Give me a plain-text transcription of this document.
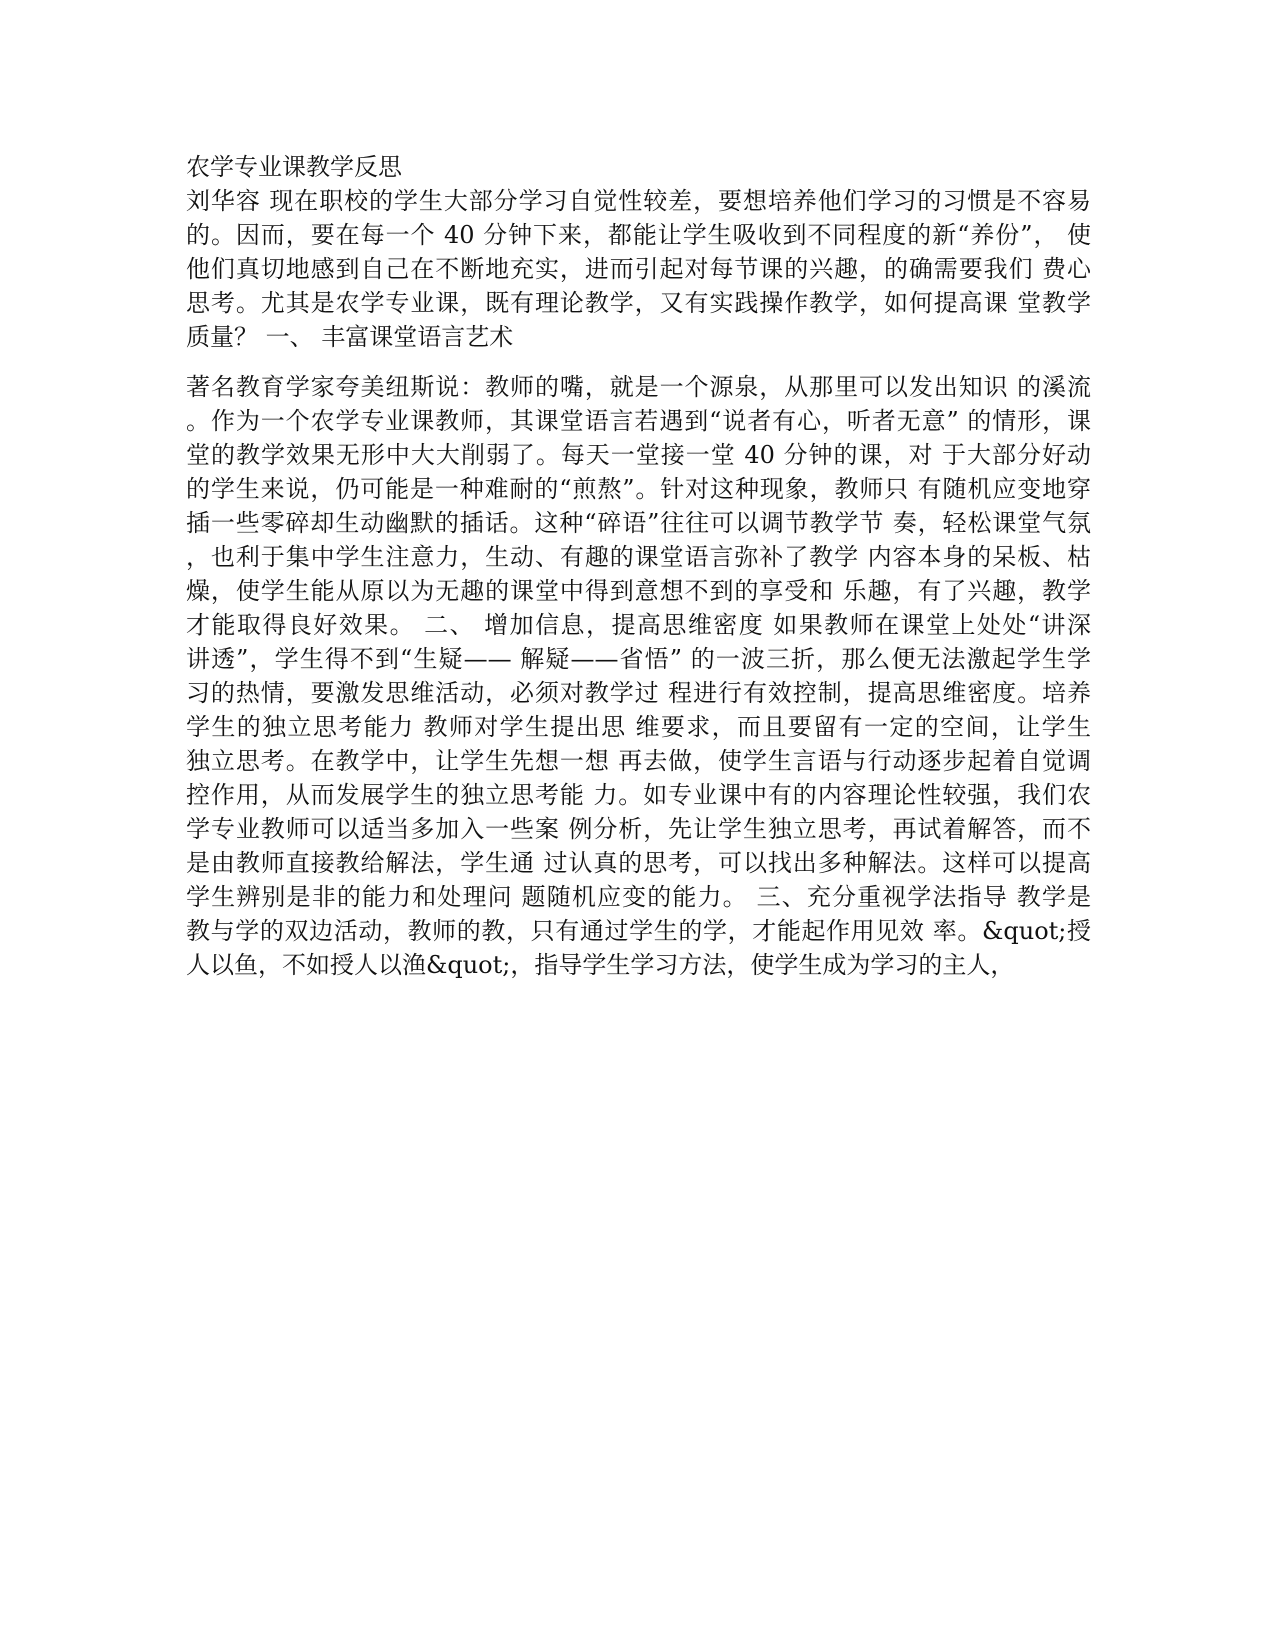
农学专业课教学反思
刘华容 现在职校的学生大部分学习自觉性较差，要想培养他们学习的习惯是不容易
的。因而，要在每一个 40 分钟下来，都能让学生吸收到不同程度的新“养份”， 使
他们真切地感到自己在不断地充实，进而引起对每节课的兴趣，的确需要我们 费心
思考。尤其是农学专业课，既有理论教学，又有实践操作教学，如何提高课 堂教学
质量？ 一、 丰富课堂语言艺术
著名教育学家夸美纽斯说：教师的嘴，就是一个源泉，从那里可以发出知识 的溪流
。作为一个农学专业课教师，其课堂语言若遇到“说者有心，听者无意” 的情形，课
堂的教学效果无形中大大削弱了。每天一堂接一堂 40 分钟的课，对 于大部分好动
的学生来说，仍可能是一种难耐的“煎熬”。针对这种现象，教师只 有随机应变地穿
插一些零碎却生动幽默的插话。这种“碎语”往往可以调节教学节 奏，轻松课堂气氛
，也利于集中学生注意力，生动、有趣的课堂语言弥补了教学 内容本身的呆板、枯
燥，使学生能从原以为无趣的课堂中得到意想不到的享受和 乐趣，有了兴趣，教学
才能取得良好效果。 二、 增加信息，提高思维密度 如果教师在课堂上处处“讲深
讲透”，学生得不到“生疑—— 解疑——省悟” 的一波三折，那么便无法激起学生学
习的热情，要激发思维活动，必须对教学过 程进行有效控制，提高思维密度。培养
学生的独立思考能力 教师对学生提出思 维要求，而且要留有一定的空间，让学生
独立思考。在教学中，让学生先想一想 再去做，使学生言语与行动逐步起着自觉调
控作用，从而发展学生的独立思考能 力。如专业课中有的内容理论性较强，我们农
学专业教师可以适当多加入一些案 例分析，先让学生独立思考，再试着解答，而不
是由教师直接教给解法，学生通 过认真的思考，可以找出多种解法。这样可以提高
学生辨别是非的能力和处理问 题随机应变的能力。 三、充分重视学法指导 教学是
教与学的双边活动，教师的教，只有通过学生的学，才能起作用见效 率。&quot;授
人以鱼，不如授人以渔&quot;，指导学生学习方法，使学生成为学习的主人，
